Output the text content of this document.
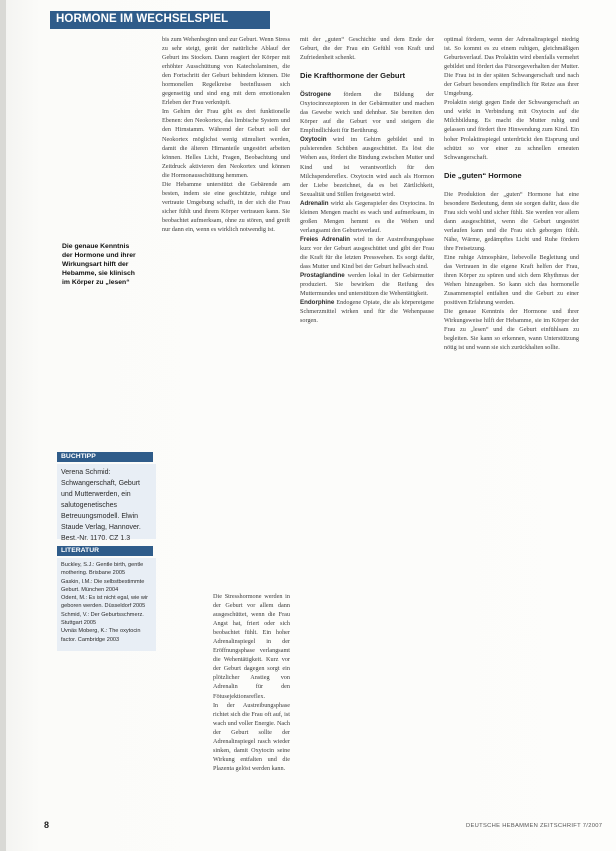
HORMONE IM WECHSELSPIEL
Die genaue Kenntnis der Hormone und ihrer Wirkungsart hilft der Hebamme, sie klinisch im Körper zu „lesen“
BUCHTIPP

Verena Schmid: Schwangerschaft, Geburt und Mutterwerden, ein salutogenetisches Betreuungsmodell. Elwin Staude Verlag, Hannover. Best.-Nr. 1170. CZ 1.3

LITERATUR

Buckley, S.J.: Gentle birth, gentle mothering. Brisbane 2005

Gaskin, I.M.: Die selbstbestimmte Geburt. München 2004

Odent, M.: Es ist nicht egal, wie wir geboren werden. Düsseldorf 2005

Schmid, V.: Der Geburtsschmerz. Stuttgart 2005

Uvnäs Moberg, K.: The oxytocin factor. Cambridge 2003

bis zum Wehenbeginn und zur Geburt. Wenn Stress zu sehr steigt, gerät der natürliche Ablauf der Geburt ins Stocken. Dann reagiert der Körper mit erhöhter Ausschüttung von Katecholaminen, die den Fortschritt der Geburt behindern können. Die hormonellen Regelkreise beeinflussen sich gegenseitig und sind eng mit dem emotionalen Erleben der Frau verknüpft.

Im Gehirn der Frau gibt es drei funktionelle Ebenen: den Neokortex, das limbische System und den Hirnstamm. Während der Geburt soll der Neokortex möglichst wenig stimuliert werden, damit die älteren Hirnanteile ungestört arbeiten können. Helles Licht, Fragen, Beobachtung und Zeitdruck aktivieren den Neokortex und können die Hormonausschüttung hemmen.

Die Hebamme unterstützt die Gebärende am besten, indem sie eine geschützte, ruhige und vertraute Umgebung schafft, in der sich die Frau sicher fühlt und ihrem Körper vertrauen kann. Sie beobachtet aufmerksam, ohne zu stören, und greift nur dann ein, wenn es wirklich notwendig ist.

Die Stresshormone werden in der Geburt vor allem dann ausgeschüttet, wenn die Frau Angst hat, friert oder sich beobachtet fühlt. Ein hoher Adrenalinspiegel in der Eröffnungsphase verlangsamt die Wehentätigkeit. Kurz vor der Geburt dagegen sorgt ein plötzlicher Anstieg von Adrenalin für den Fötusejektionsreflex.

In der Austreibungsphase richtet sich die Frau oft auf, ist wach und voller Energie. Nach der Geburt sollte der Adrenalinspiegel rasch wieder sinken, damit Oxytocin seine Wirkung entfalten und die Plazenta gelöst werden kann.

mit der „guten“ Geschichte und dem Ende der Geburt, die der Frau ein Gefühl von Kraft und Zufriedenheit schenkt.

Die Krafthormone der Geburt

Östrogene fördern die Bildung der Oxytocinrezeptoren in der Gebärmutter und machen das Gewebe weich und dehnbar. Sie bereiten den Körper auf die Geburt vor und steigern die Empfindlichkeit für Berührung.

Oxytocin wird im Gehirn gebildet und in pulsierenden Schüben ausgeschüttet. Es löst die Wehen aus, fördert die Bindung zwischen Mutter und Kind und ist verantwortlich für den Milchspendereflex. Oxytocin wird auch als Hormon der Liebe bezeichnet, da es bei Zärtlichkeit, Sexualität und Stillen freigesetzt wird.

Adrenalin wirkt als Gegenspieler des Oxytocins. In kleinen Mengen macht es wach und aufmerksam, in großen Mengen hemmt es die Wehen und verlangsamt den Geburtsverlauf.

Freies Adrenalin wird in der Austreibungsphase kurz vor der Geburt ausgeschüttet und gibt der Frau die Kraft für die letzten Presswehen. Es sorgt dafür, dass Mutter und Kind bei der Geburt hellwach sind.

Prostaglandine werden lokal in der Gebärmutter produziert. Sie bewirken die Reifung des Muttermundes und unterstützen die Wehentätigkeit.

Endorphine Endogene Opiate, die als körpereigene Schmerzmittel wirken und für die Wehenpause sorgen.

optimal fördern, wenn der Adrenalinspiegel niedrig ist. So kommt es zu einem ruhigen, gleichmäßigen Geburtsverlauf. Das Prolaktin wird ebenfalls vermehrt gebildet und fördert das Fürsorgeverhalten der Mutter. Die Frau ist in der späten Schwangerschaft und nach der Geburt besonders empfindlich für Reize aus ihrer Umgebung.

Prolaktin steigt gegen Ende der Schwangerschaft an und wirkt in Verbindung mit Oxytocin auf die Milchbildung. Es macht die Mutter ruhig und gelassen und fördert ihre Hinwendung zum Kind. Ein hoher Prolaktinspiegel unterdrückt den Eisprung und schützt so vor einer zu schnellen erneuten Schwangerschaft.

Die „guten“ Hormone

Die Produktion der „guten“ Hormone hat eine besondere Bedeutung, denn sie sorgen dafür, dass die Frau sich wohl und sicher fühlt. Sie werden vor allem dann ausgeschüttet, wenn die Geburt ungestört verlaufen kann und die Frau sich geborgen fühlt. Nähe, Wärme, gedämpftes Licht und Ruhe fördern ihre Freisetzung.

Eine ruhige Atmosphäre, liebevolle Begleitung und das Vertrauen in die eigene Kraft helfen der Frau, ihren Körper zu spüren und sich dem Rhythmus der Wehen hinzugeben. So kann sich das hormonelle Zusammenspiel entfalten und die Geburt zu einer positiven Erfahrung werden.

Die genaue Kenntnis der Hormone und ihrer Wirkungsweise hilft der Hebamme, sie im Körper der Frau zu „lesen“ und die Geburt einfühlsam zu begleiten. Sie kann so erkennen, wann Unterstützung nötig ist und wann sie sich zurückhalten sollte.

8	DEUTSCHE HEBAMMEN ZEITSCHRIFT 7/2007
